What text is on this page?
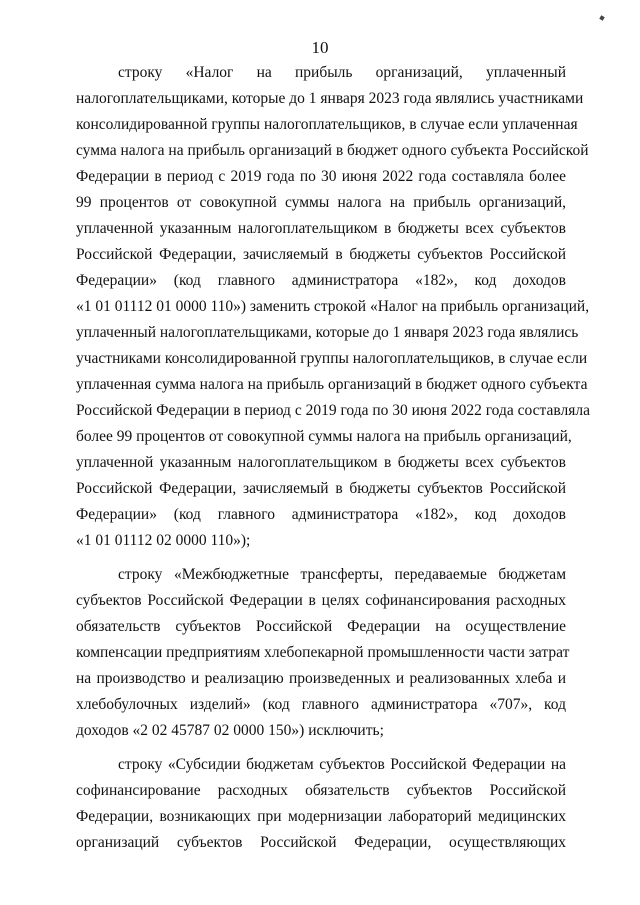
10
строку «Налог на прибыль организаций, уплаченный
налогоплательщиками, которые до 1 января 2023 года являлись участниками
консолидированной группы налогоплательщиков, в случае если уплаченная
сумма налога на прибыль организаций в бюджет одного субъекта Российской
Федерации в период с 2019 года по 30 июня 2022 года составляла более
99 процентов от совокупной суммы налога на прибыль организаций,
уплаченной указанным налогоплательщиком в бюджеты всех субъектов
Российской Федерации, зачисляемый в бюджеты субъектов Российской
Федерации» (код главного администратора «182», код доходов
«1 01 01112 01 0000 110») заменить строкой «Налог на прибыль организаций,
уплаченный налогоплательщиками, которые до 1 января 2023 года являлись
участниками консолидированной группы налогоплательщиков, в случае если
уплаченная сумма налога на прибыль организаций в бюджет одного субъекта
Российской Федерации в период с 2019 года по 30 июня 2022 года составляла
более 99 процентов от совокупной суммы налога на прибыль организаций,
уплаченной указанным налогоплательщиком в бюджеты всех субъектов
Российской Федерации, зачисляемый в бюджеты субъектов Российской
Федерации» (код главного администратора «182», код доходов
«1 01 01112 02 0000 110»);
строку «Межбюджетные трансферты, передаваемые бюджетам
субъектов Российской Федерации в целях софинансирования расходных
обязательств субъектов Российской Федерации на осуществление
компенсации предприятиям хлебопекарной промышленности части затрат
на производство и реализацию произведенных и реализованных хлеба и
хлебобулочных изделий» (код главного администратора «707», код
доходов «2 02 45787 02 0000 150») исключить;
строку «Субсидии бюджетам субъектов Российской Федерации на
софинансирование расходных обязательств субъектов Российской
Федерации, возникающих при модернизации лабораторий медицинских
организаций субъектов Российской Федерации, осуществляющих
